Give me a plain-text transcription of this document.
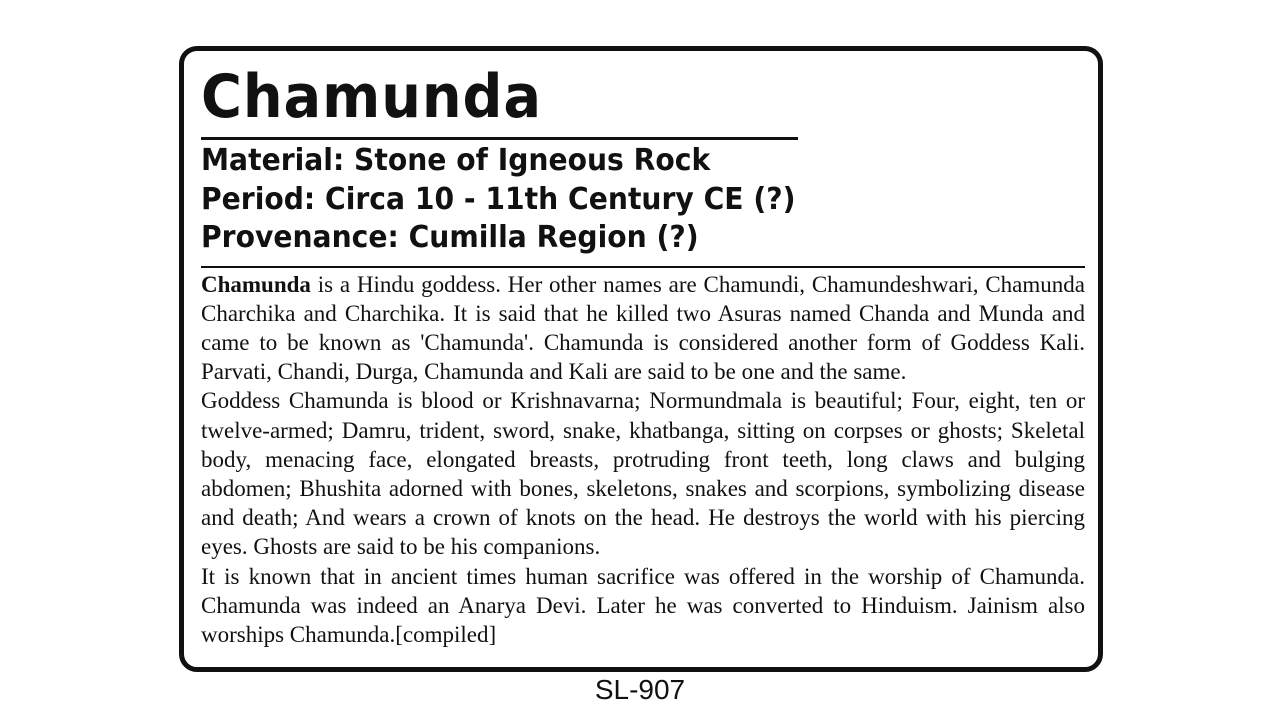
Chamunda
Material: Stone of Igneous Rock
Period: Circa 10 - 11th Century CE (?)
Provenance: Cumilla Region (?)

Chamunda is a Hindu goddess. Her other names are Chamundi, Chamundeshwari, Chamunda Charchika and Charchika. It is said that he killed two Asuras named Chanda and Munda and came to be known as 'Chamunda'. Chamunda is considered another form of Goddess Kali. Parvati, Chandi, Durga, Chamunda and Kali are said to be one and the same.

Goddess Chamunda is blood or Krishnavarna; Normundmala is beautiful; Four, eight, ten or twelve-armed; Damru, trident, sword, snake, khatbanga, sitting on corpses or ghosts; Skeletal body, menacing face, elongated breasts, protruding front teeth, long claws and bulging abdomen; Bhushita adorned with bones, skeletons, snakes and scorpions, symbolizing disease and death; And wears a crown of knots on the head. He destroys the world with his piercing eyes. Ghosts are said to be his companions.

It is known that in ancient times human sacrifice was offered in the worship of Chamunda. Chamunda was indeed an Anarya Devi. Later he was converted to Hinduism. Jainism also worships Chamunda.[compiled]

SL-907
